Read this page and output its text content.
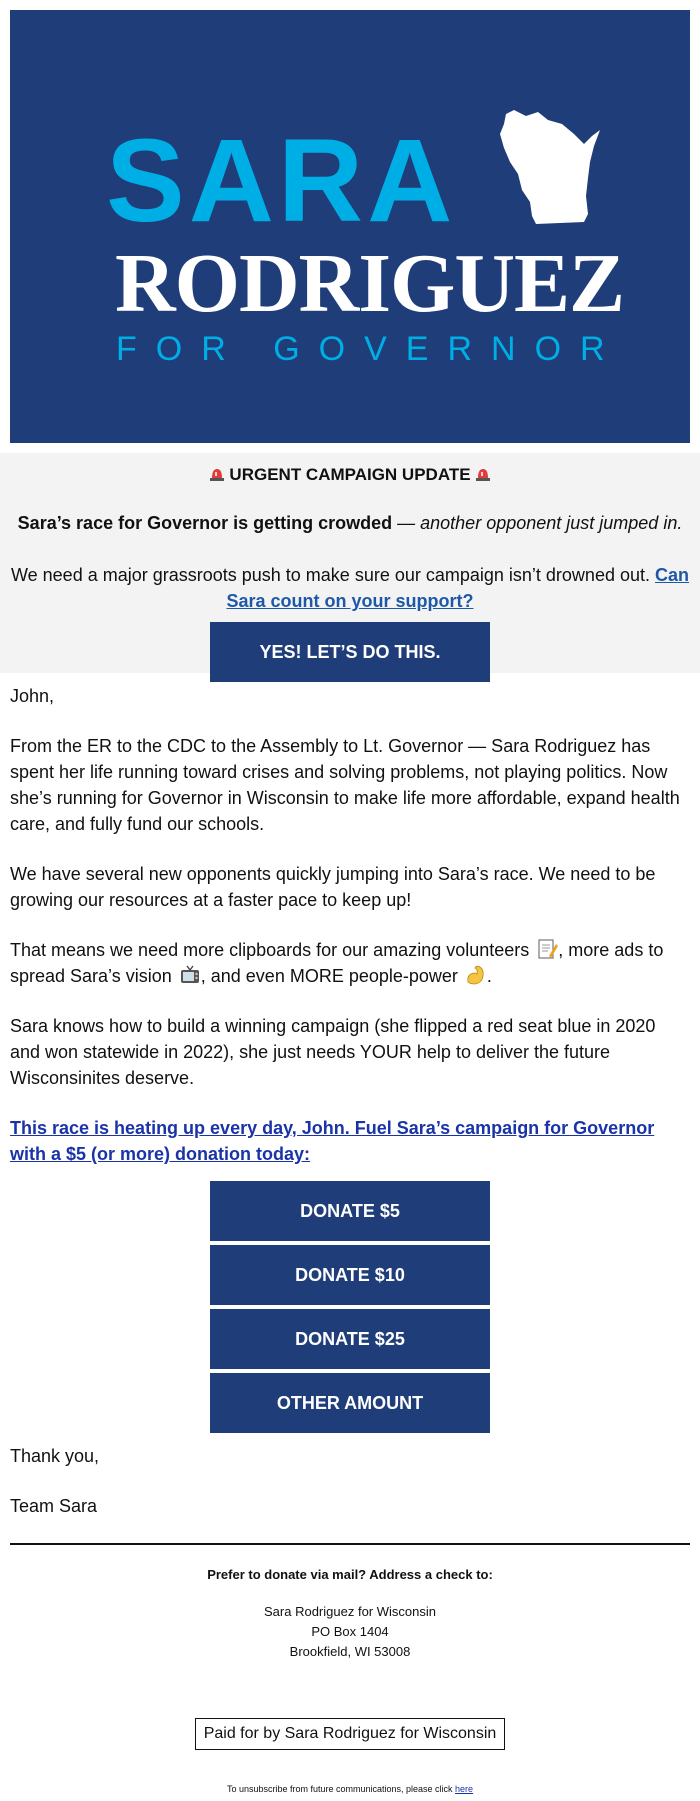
SARA
RODRIGUEZ
FOR GOVERNOR
URGENT CAMPAIGN UPDATE
Sara’s race for Governor is getting crowded — another opponent just jumped in.
We need a major grassroots push to make sure our campaign isn’t drowned out. Can Sara count on your support?
YES! LET’S DO THIS.

John,

From the ER to the CDC to the Assembly to Lt. Governor — Sara Rodriguez has spent her life running toward crises and solving problems, not playing politics. Now she’s running for Governor in Wisconsin to make life more affordable, expand health care, and fully fund our schools.

We have several new opponents quickly jumping into Sara’s race. We need to be growing our resources at a faster pace to keep up!

That means we need more clipboards for our amazing volunteers , more ads to spread Sara’s vision , and even MORE people-power .

Sara knows how to build a winning campaign (she flipped a red seat blue in 2020 and won statewide in 2022), she just needs YOUR help to deliver the future Wisconsinites deserve.

This race is heating up every day, John. Fuel Sara’s campaign for Governor with a $5 (or more) donation today:

DONATE $5
DONATE $10
DONATE $25
OTHER AMOUNT

Thank you,

Team Sara

Prefer to donate via mail? Address a check to:
Sara Rodriguez for Wisconsin
PO Box 1404
Brookfield, WI 53008
Paid for by Sara Rodriguez for Wisconsin
To unsubscribe from future communications, please click here
